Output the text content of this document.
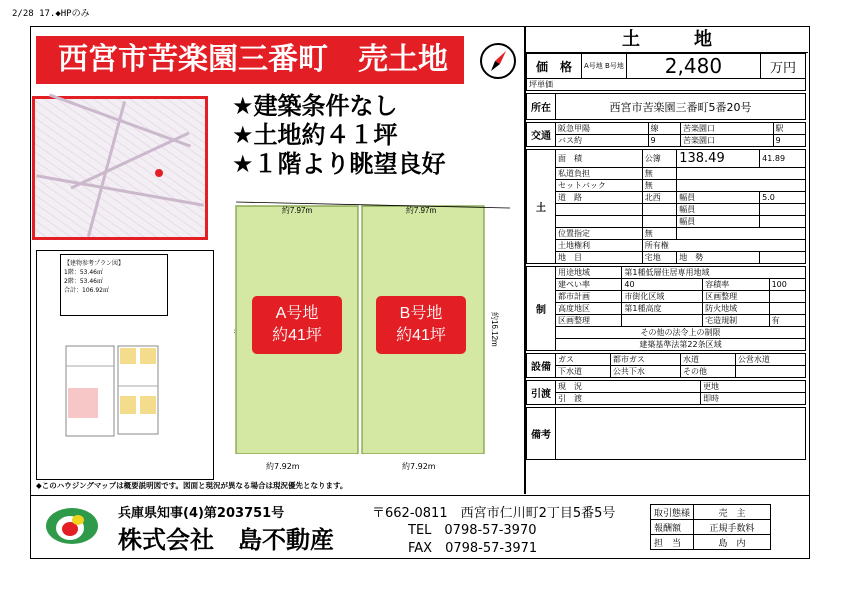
2/28 17.◆HPのみ
西宮市苦楽園三番町　売土地
★建築条件なし
★土地約４１坪
★１階より眺望良好
A号地
約41坪
B号地
約41坪
約7.97m	約7.97m
約16.12m
約7.92m	約7.92m
【建物参考プラン図】
1階：53.46㎡
2階：53.46㎡
合計：106.92㎡
◆このハウジングマップは概要説明図です。図面と現況が異なる場合は現況優先となります。
土　　　地
価　格	A号地 B号地	2,480	万円
坪単価
所在	西宮市苦楽園三番町5番20号
交通	阪急甲陽	線	苦楽園口	駅
	バス約	9	苦楽園口	9
土	面　積	公簿	138.49	41.89
	私道負担	無		
	セットバック	無		
	道　路	北西	幅員	5.0
			幅員	
			幅員	
	位置指定	無		
	土地権利	所有権		
	地　目	宅地	地　勢	
制	用途地域	第1種低層住居専用地域		
	建ぺい率	40	容積率	100
	都市計画	市街化区域	区画整理	
	高度地区	第1種高度	防火地域	
	区画整理		宅造規制	有
	その他の法令上の制限			
	建築基準法第22条区域			
設備	ガス	都市ガス	水道	公営水道
	下水道	公共下水	その他	
引渡	現　況	更地
	引　渡	即時
備考	
兵庫県知事(4)第203751号
株式会社　島不動産
〒662-0811　西宮市仁川町2丁目5番5号
TEL　0798-57-3970
FAX　0798-57-3971
取引態様	売　主
報酬額	正規手数料
担　当	島　内
